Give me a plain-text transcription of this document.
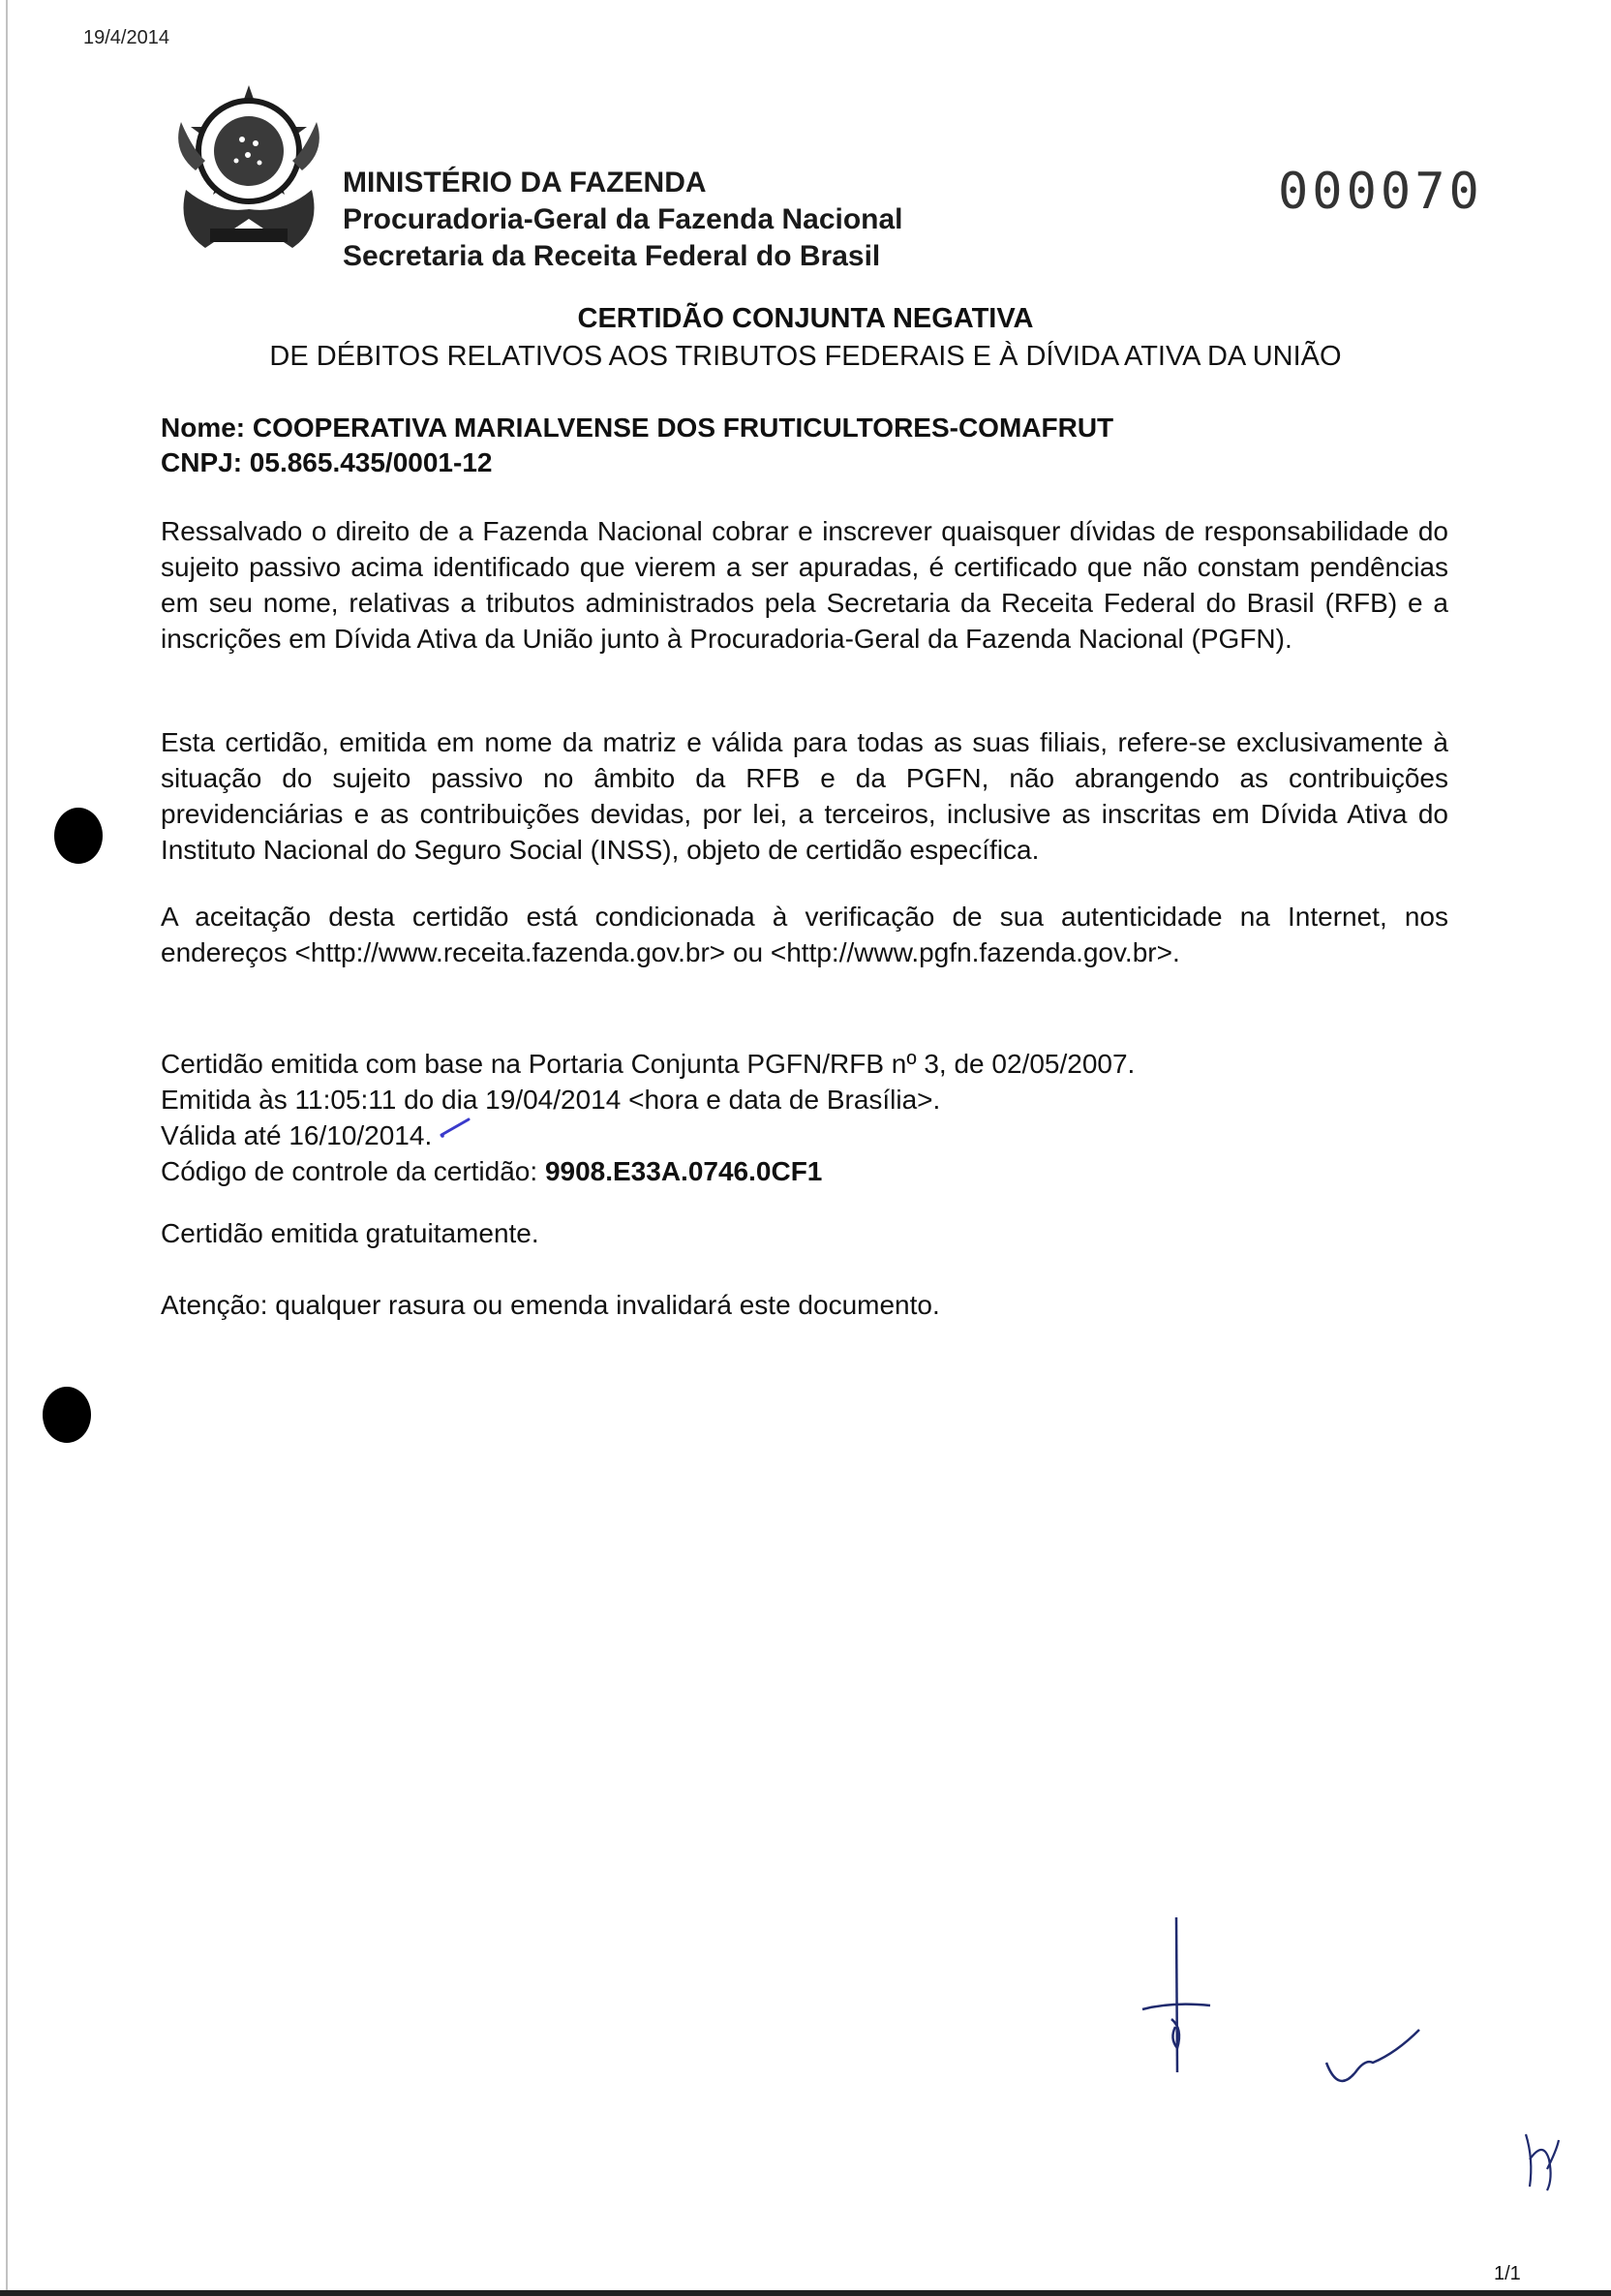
19/4/2014
MINISTÉRIO DA FAZENDA
Procuradoria-Geral da Fazenda Nacional
Secretaria da Receita Federal do Brasil
000070
CERTIDÃO CONJUNTA NEGATIVA
DE DÉBITOS RELATIVOS AOS TRIBUTOS FEDERAIS E À DÍVIDA ATIVA DA UNIÃO
Nome: COOPERATIVA MARIALVENSE DOS FRUTICULTORES-COMAFRUT
CNPJ: 05.865.435/0001-12
Ressalvado o direito de a Fazenda Nacional cobrar e inscrever quaisquer dívidas de responsabilidade do sujeito passivo acima identificado que vierem a ser apuradas, é certificado que não constam pendências em seu nome, relativas a tributos administrados pela Secretaria da Receita Federal do Brasil (RFB) e a inscrições em Dívida Ativa da União junto à Procuradoria-Geral da Fazenda Nacional (PGFN).
Esta certidão, emitida em nome da matriz e válida para todas as suas filiais, refere-se exclusivamente à situação do sujeito passivo no âmbito da RFB e da PGFN, não abrangendo as contribuições previdenciárias e as contribuições devidas, por lei, a terceiros, inclusive as inscritas em Dívida Ativa do Instituto Nacional do Seguro Social (INSS), objeto de certidão específica.
A aceitação desta certidão está condicionada à verificação de sua autenticidade na Internet, nos endereços <http://www.receita.fazenda.gov.br> ou <http://www.pgfn.fazenda.gov.br>.
Certidão emitida com base na Portaria Conjunta PGFN/RFB nº 3, de 02/05/2007.
Emitida às 11:05:11 do dia 19/04/2014 <hora e data de Brasília>.
Válida até 16/10/2014.
Código de controle da certidão: 9908.E33A.0746.0CF1
Certidão emitida gratuitamente.
Atenção: qualquer rasura ou emenda invalidará este documento.
1/1
